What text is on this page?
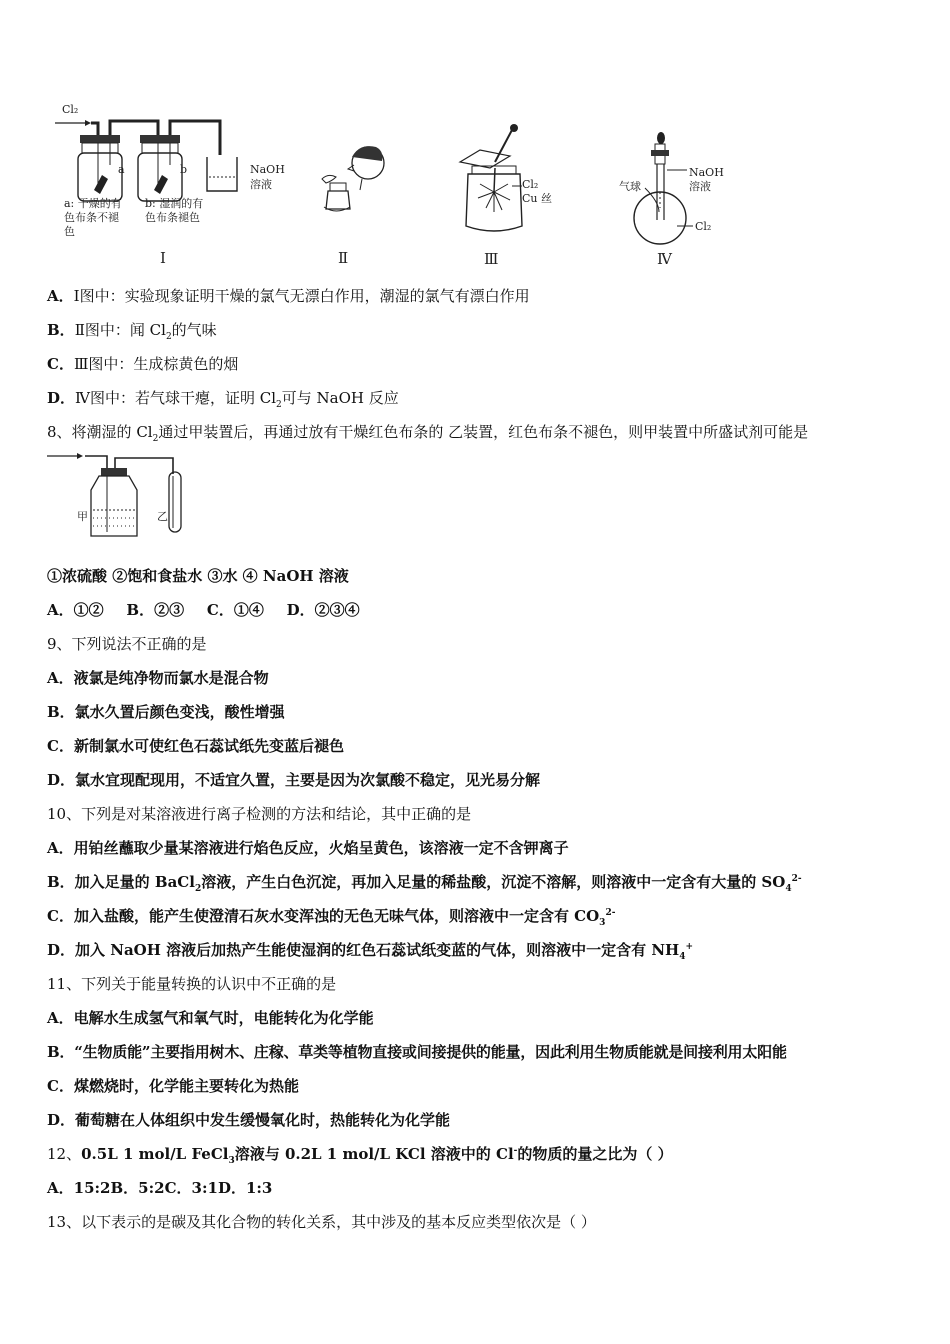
Cl₂
a	b	NaOH
溶液
a: 干燥的有
色布条不褪
色
b: 湿润的有
色布条褪色
Ⅰ	Ⅱ
Cl₂
Cu 丝
Ⅲ
气球
NaOH
溶液
Cl₂
Ⅳ
A．Ⅰ图中：实验现象证明干燥的氯气无漂白作用，潮湿的氯气有漂白作用
B．Ⅱ图中：闻 $Cl_2$的气味
C．Ⅲ图中：生成棕黄色的烟
D．Ⅳ图中：若气球干瘪，证明 $Cl_2$可与 NaOH 反应
8、将潮湿的 $Cl_2$通过甲装置后，再通过放有干燥红色布条的 乙装置，红色布条不褪色，则甲装置中所盛试剂可能是
甲	乙
①浓硫酸 ②饱和食盐水 ③水 ④ NaOH 溶液
A．①② B．②③ C．①④ D．②③④
9、下列说法不正确的是
A．液氯是纯净物而氯水是混合物
B．氯水久置后颜色变浅，酸性增强
C．新制氯水可使红色石蕊试纸先变蓝后褪色
D．氯水宜现配现用，不适宜久置，主要是因为次氯酸不稳定，见光易分解
10、下列是对某溶液进行离子检测的方法和结论，其中正确的是
A．用铂丝蘸取少量某溶液进行焰色反应，火焰呈黄色，该溶液一定不含钾离子
B．加入足量的 BaCl$_2$溶液，产生白色沉淀，再加入足量的稀盐酸，沉淀不溶解，则溶液中一定含有大量的 $SO_4^{2-}$
C．加入盐酸，能产生使澄清石灰水变浑浊的无色无味气体，则溶液中一定含有 $CO_3^{2-}$
D．加入 NaOH 溶液后加热产生能使湿润的红色石蕊试纸变蓝的气体，则溶液中一定含有 $NH_4^+$
11、下列关于能量转换的认识中不正确的是
A．电解水生成氢气和氧气时，电能转化为化学能
B．“生物质能”主要指用树木、庄稼、草类等植物直接或间接提供的能量，因此利用生物质能就是间接利用太阳能
C．煤燃烧时，化学能主要转化为热能
D．葡萄糖在人体组织中发生缓慢氧化时，热能转化为化学能
12、0.5L 1 mol/L FeCl$_3$溶液与 0.2L 1 mol/L KCl 溶液中的 Cl-的物质的量之比为（ ）
A．15:2B．5:2C．3:1D．1:3
13、以下表示的是碳及其化合物的转化关系，其中涉及的基本反应类型依次是（ ）
